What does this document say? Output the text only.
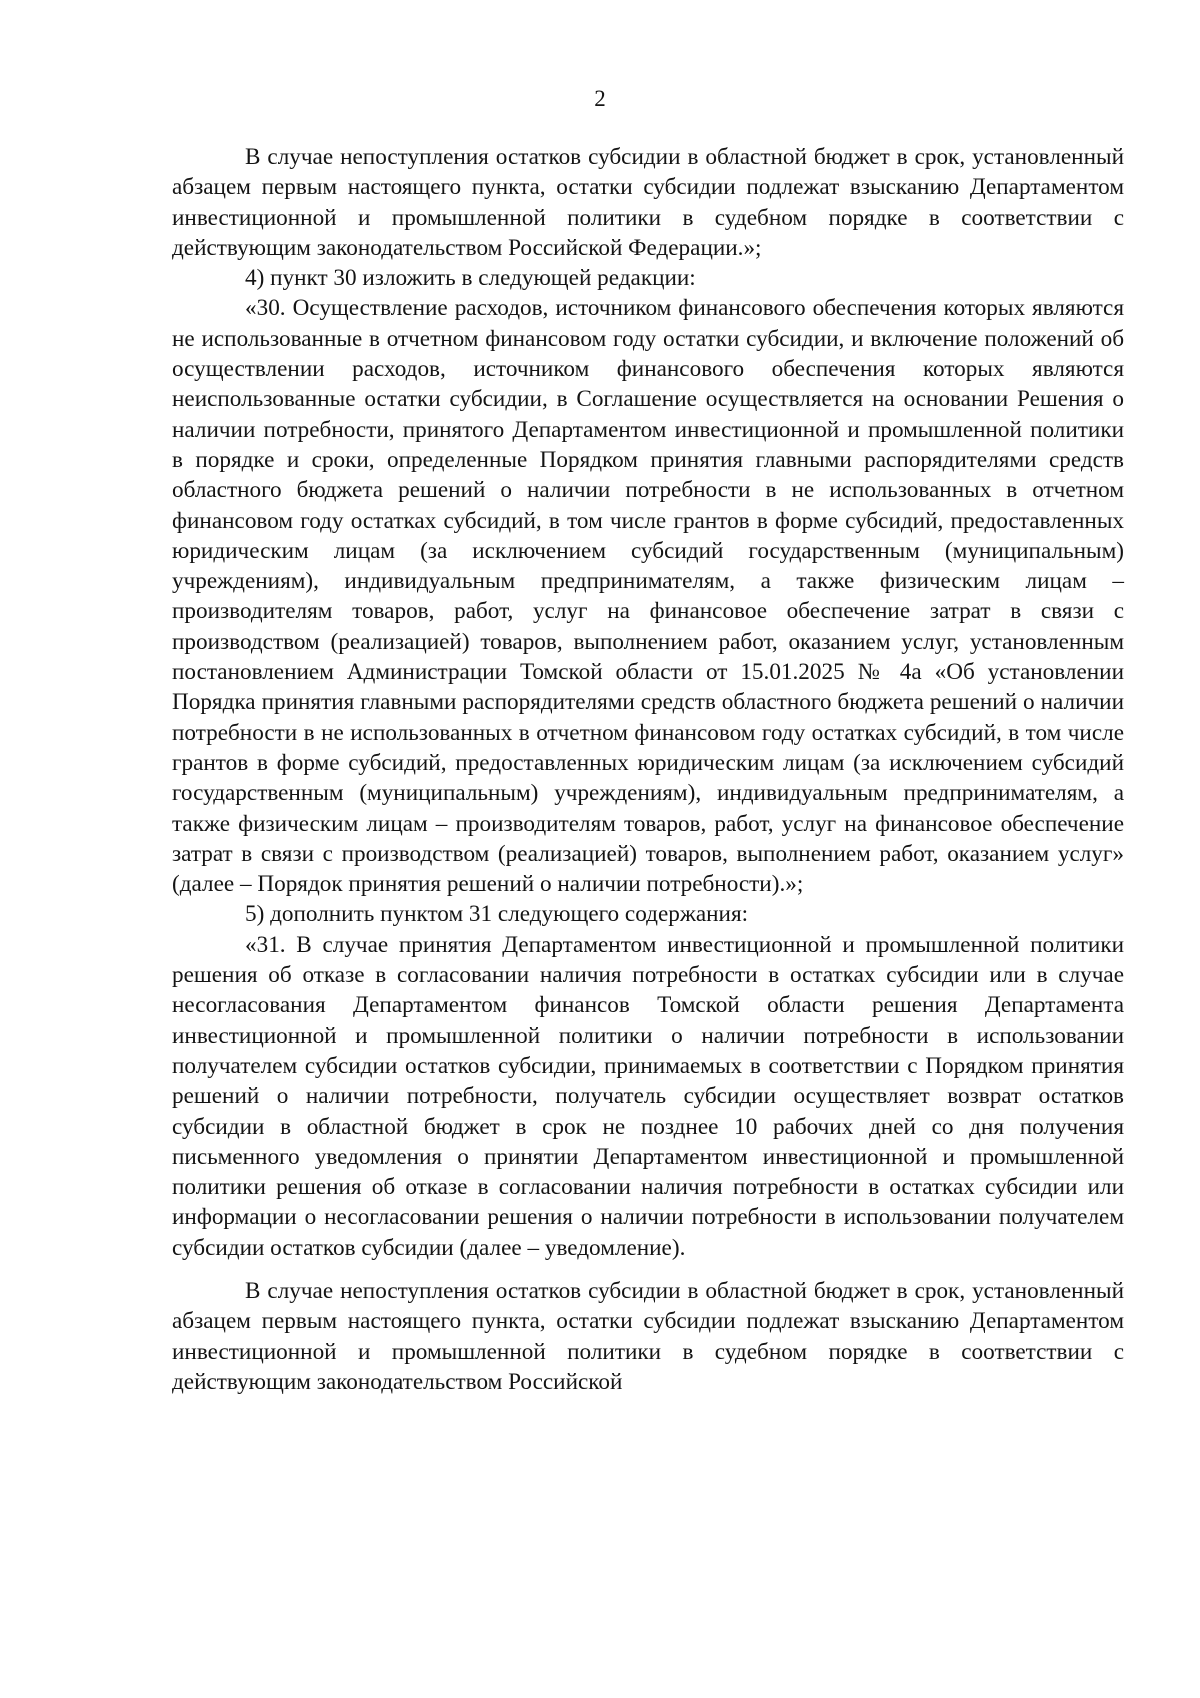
2

В случае непоступления остатков субсидии в областной бюджет в срок, установленный абзацем первым настоящего пункта, остатки субсидии подлежат взысканию Департаментом инвестиционной и промышленной политики в судебном порядке в соответствии с действующим законодательством Российской Федерации.»;

4) пункт 30 изложить в следующей редакции:

«30. Осуществление расходов, источником финансового обеспечения которых являются не использованные в отчетном финансовом году остатки субсидии, и включение положений об осуществлении расходов, источником финансового обеспечения которых являются неиспользованные остатки субсидии, в Соглашение осуществляется на основании Решения о наличии потребности, принятого Департаментом инвестиционной и промышленной политики в порядке и сроки, определенные Порядком принятия главными распорядителями средств областного бюджета решений о наличии потребности в не использованных в отчетном финансовом году остатках субсидий, в том числе грантов в форме субсидий, предоставленных юридическим лицам (за исключением субсидий государственным (муниципальным) учреждениям), индивидуальным предпринимателям, а также физическим лицам – производителям товаров, работ, услуг на финансовое обеспечение затрат в связи с производством (реализацией) товаров, выполнением работ, оказанием услуг, установленным постановлением Администрации Томской области от 15.01.2025 № 4а «Об установлении Порядка принятия главными распорядителями средств областного бюджета решений о наличии потребности в не использованных в отчетном финансовом году остатках субсидий, в том числе грантов в форме субсидий, предоставленных юридическим лицам (за исключением субсидий государственным (муниципальным) учреждениям), индивидуальным предпринимателям, а также физическим лицам – производителям товаров, работ, услуг на финансовое обеспечение затрат в связи с производством (реализацией) товаров, выполнением работ, оказанием услуг» (далее – Порядок принятия решений о наличии потребности).»;

5) дополнить пунктом 31 следующего содержания:

«31. В случае принятия Департаментом инвестиционной и промышленной политики решения об отказе в согласовании наличия потребности в остатках субсидии или в случае несогласования Департаментом финансов Томской области решения Департамента инвестиционной и промышленной политики о наличии потребности в использовании получателем субсидии остатков субсидии, принимаемых в соответствии с Порядком принятия решений о наличии потребности, получатель субсидии осуществляет возврат остатков субсидии в областной бюджет в срок не позднее 10 рабочих дней со дня получения письменного уведомления о принятии Департаментом инвестиционной и промышленной политики решения об отказе в согласовании наличия потребности в остатках субсидии или информации о несогласовании решения о наличии потребности в использовании получателем субсидии остатков субсидии (далее – уведомление).

В случае непоступления остатков субсидии в областной бюджет в срок, установленный абзацем первым настоящего пункта, остатки субсидии подлежат взысканию Департаментом инвестиционной и промышленной политики в судебном порядке в соответствии с действующим законодательством Российской
